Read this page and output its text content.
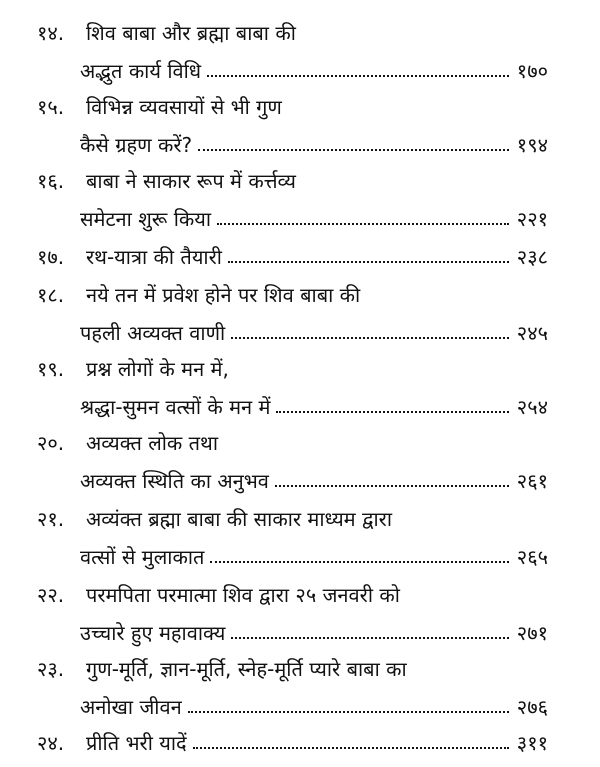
१४. शिव बाबा और ब्रह्मा बाबा की
अद्भुत कार्य विधि	१७०
१५. विभिन्न व्यवसायों से भी गुण
कैसे ग्रहण करें?	१९४
१६. बाबा ने साकार रूप में कर्त्तव्य
समेटना शुरू किया	२२१
१७. रथ-यात्रा की तैयारी	२३८
१८. नये तन में प्रवेश होने पर शिव बाबा की
पहली अव्यक्त वाणी	२४५
१९. प्रश्न लोगों के मन में,
श्रद्धा-सुमन वत्सों के मन में	२५४
२०. अव्यक्त लोक तथा
अव्यक्त स्थिति का अनुभव	२६१
२१. अव्यंक्त ब्रह्मा बाबा की साकार माध्यम द्वारा
वत्सों से मुलाकात	२६५
२२. परमपिता परमात्मा शिव द्वारा २५ जनवरी को
उच्चारे हुए महावाक्य	२७१
२३. गुण-मूर्ति, ज्ञान-मूर्ति, स्नेह-मूर्ति प्यारे बाबा का
अनोखा जीवन	२७६
२४. प्रीति भरी यादें	३११
